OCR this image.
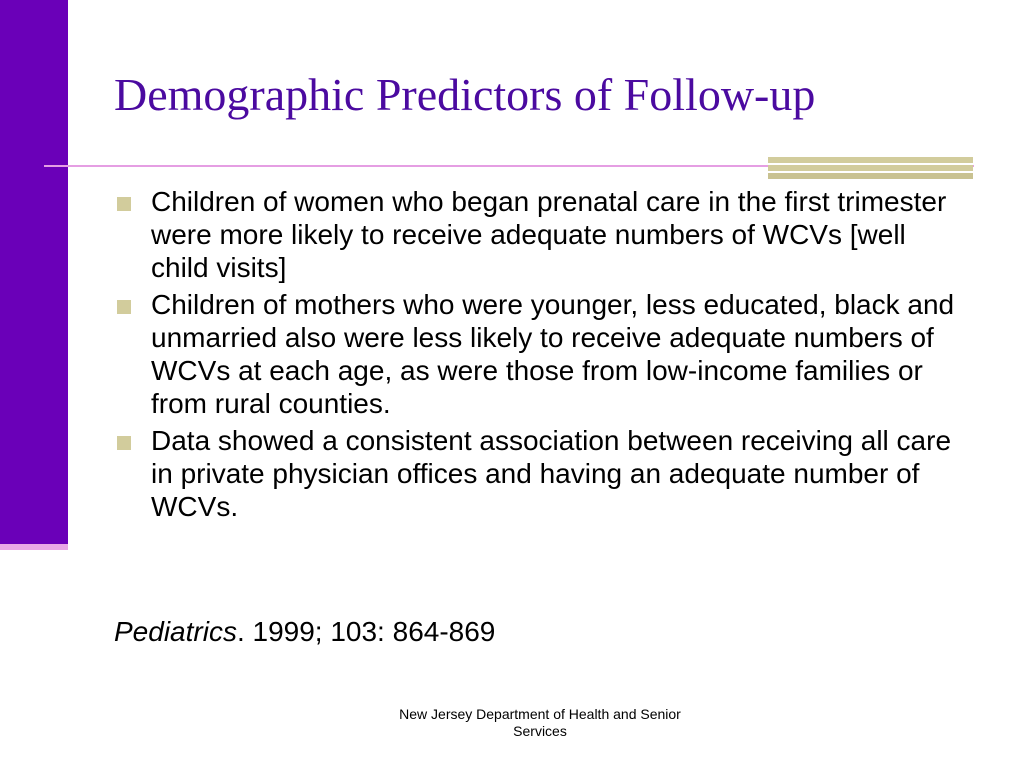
Demographic Predictors of Follow-up
Children of women who began prenatal care in the first trimester were more likely to receive adequate numbers of WCVs [well child visits]
Children of mothers who were younger, less educated, black and unmarried also were less likely to receive adequate numbers of WCVs at each age, as were those from low-income families or from rural counties.
Data showed a consistent association between receiving all care in private physician offices and having an adequate number of WCVs.

Pediatrics. 1999; 103: 864-869

New Jersey Department of Health and Senior
Services
